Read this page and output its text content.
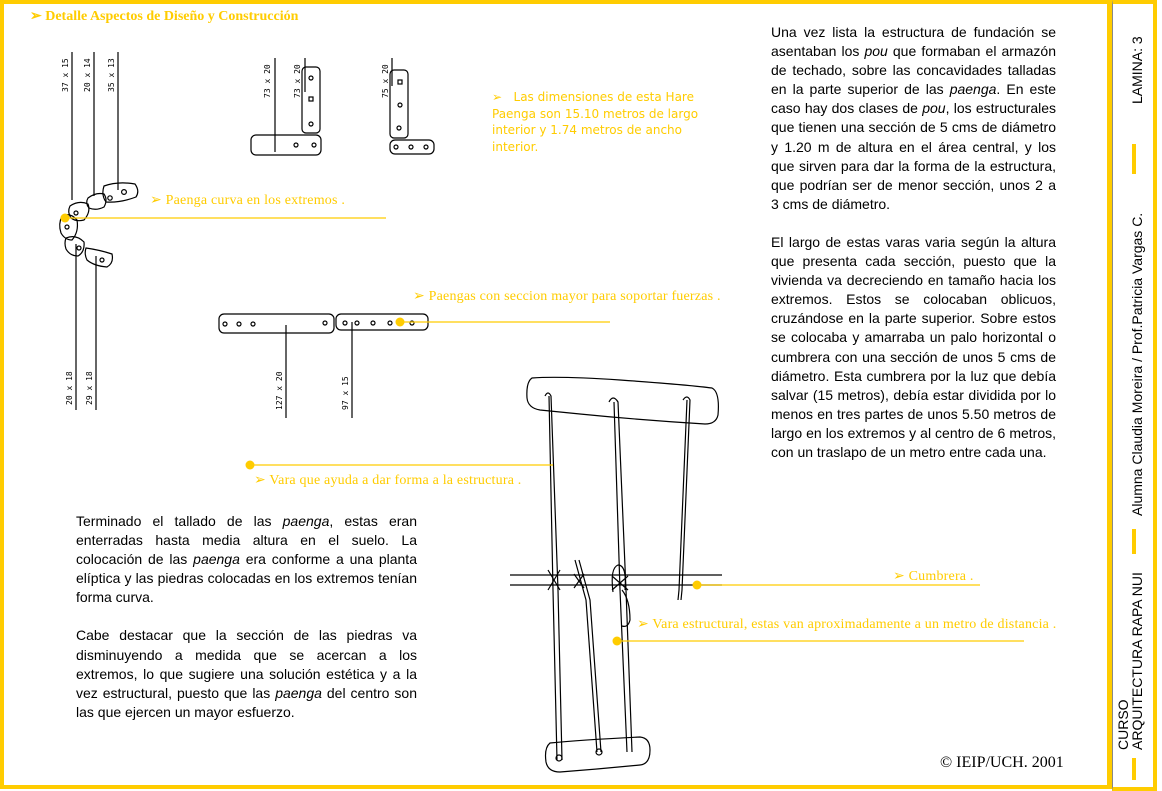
➢ Detalle Aspectos de Diseño y Construcción
37 x 15 20 x 14 35 x 13
20 x 18 29 x 18
73 x 20	73 x 20	75 x 20
127 x 20	97 x 15
➢ Las dimensiones de esta Hare Paenga son 15.10 metros de largo interior y 1.74 metros de ancho interior.
➢ Paenga curva en los extremos .
➢ Paengas con seccion mayor para soportar fuerzas .
➢ Vara que ayuda a dar forma a la estructura .
➢ Cumbrera .
➢ Vara estructural, estas van aproximadamente a un metro de distancia .

Una vez lista la estructura de fundación se asentaban los pou que formaban el armazón de techado, sobre las concavidades talladas en la parte superior de las paenga. En este caso hay dos clases de pou, los estructurales que tienen una sección de 5 cms de diámetro y 1.20 m de altura en el área central, y los que sirven para dar la forma de la estructura, que podrían ser de menor sección, unos 2 a 3 cms de diámetro.

El largo de estas varas varia según la altura que presenta cada sección, puesto que la vivienda va decreciendo en tamaño hacia los extremos. Estos se colocaban oblicuos, cruzándose en la parte superior. Sobre estos se colocaba y amarraba un palo horizontal o cumbrera con una sección de unos 5 cms de diámetro. Esta cumbrera por la luz que debía salvar (15 metros), debía estar dividida por lo menos en tres partes de unos 5.50 metros de largo en los extremos y al centro de 6 metros, con un traslapo de un metro entre cada una.

Terminado el tallado de las paenga, estas eran enterradas hasta media altura en el suelo. La colocación de las paenga era conforme a una planta elíptica y las piedras colocadas en los extremos tenían forma curva.

Cabe destacar que la sección de las piedras va disminuyendo a medida que se acercan a los extremos, lo que sugiere una solución estética y a la vez estructural, puesto que las paenga del centro son las que ejercen un mayor esfuerzo.

© IEIP/UCH. 2001
LAMINA: 3
Alumna Claudia Moreira / Prof.Patricia Vargas C.
CURSO
ARQUITECTURA RAPA NUI
